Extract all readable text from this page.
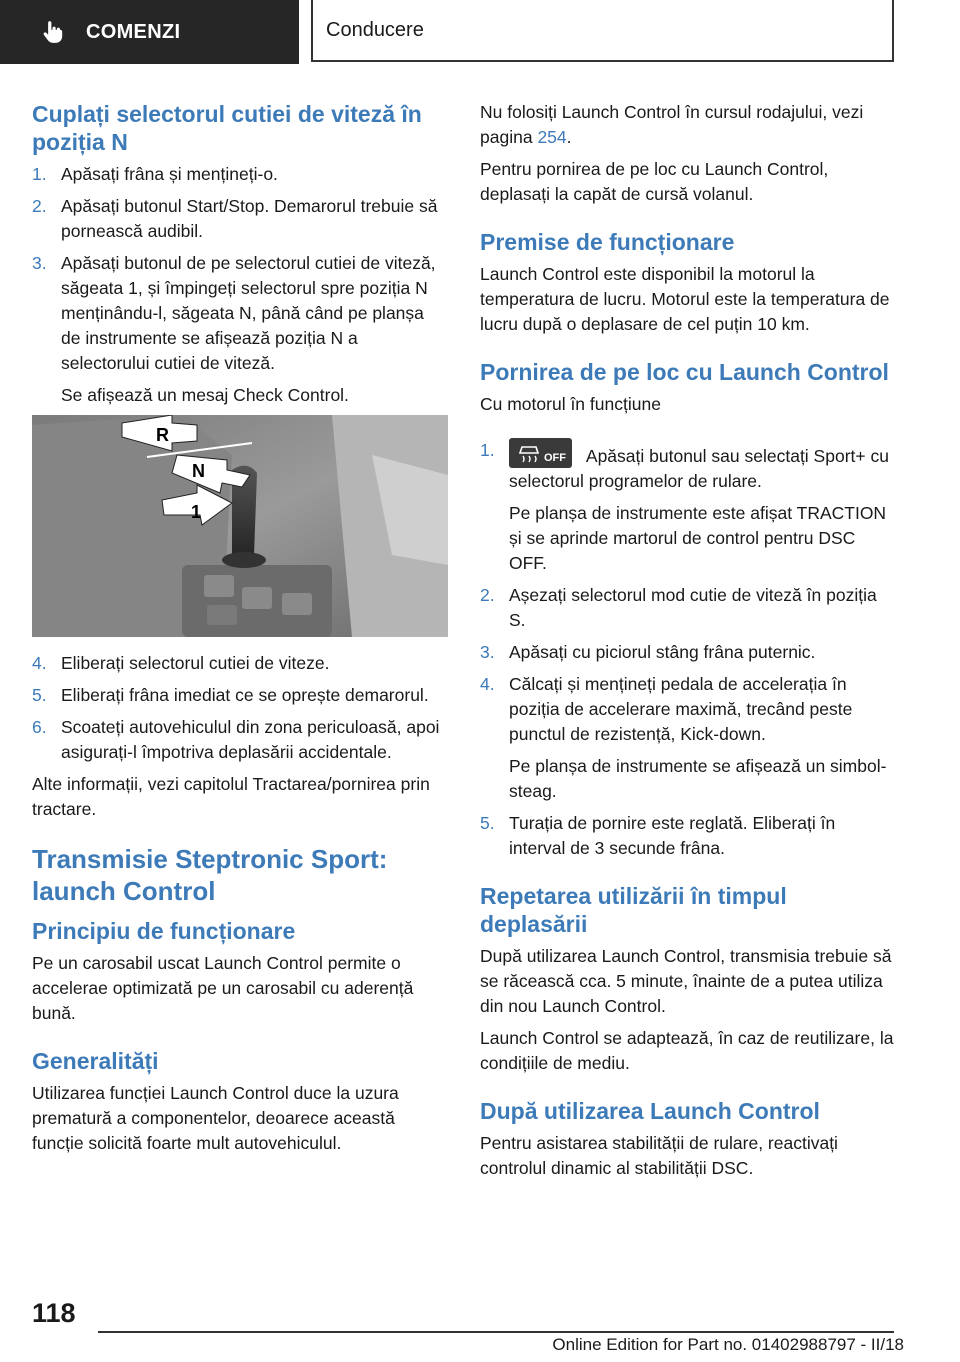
COMENZI	Conducere
Cuplați selectorul cutiei de viteză în poziția N
1. Apăsați frâna și mențineți-o.
2. Apăsați butonul Start/Stop. Demarorul trebuie să pornească audibil.
3. Apăsați butonul de pe selectorul cutiei de viteză, săgeata 1, și împingeți selectorul spre poziția N menținându-l, săgeata N, până când pe planșa de instrumente se afișează poziția N a selectorului cutiei de viteză.

Se afișează un mesaj Check Control.

R
N
1
4. Eliberați selectorul cutiei de viteze.
5. Eliberați frâna imediat ce se oprește demarorul.
6. Scoateți autovehiculul din zona periculoasă, apoi asigurați-l împotriva deplasării accidentale.

Alte informații, vezi capitolul Tractarea/pornirea prin tractare.

Transmisie Steptronic Sport: launch Control
Principiu de funcționare

Pe un carosabil uscat Launch Control permite o accelerae optimizată pe un carosabil cu aderență bună.

Generalități

Utilizarea funcției Launch Control duce la uzura prematură a componentelor, deoarece această funcție solicită foarte mult autovehiculul.

Nu folosiți Launch Control în cursul rodajului, vezi pagina 254.

Pentru pornirea de pe loc cu Launch Control, deplasați la capăt de cursă volanul.

Premise de funcționare

Launch Control este disponibil la motorul la temperatura de lucru. Motorul este la temperatura de lucru după o deplasare de cel puțin 10 km.

Pornirea de pe loc cu Launch Control

Cu motorul în funcțiune

1.	OFF Apăsați butonul sau selectați Sport+ cu selectorul programelor de rulare.

Pe planșa de instrumente este afișat TRACTION și se aprinde martorul de control pentru DSC OFF.

2. Așezați selectorul mod cutie de viteză în poziția S.
3. Apăsați cu piciorul stâng frâna puternic.
4. Călcați și mențineți pedala de accelerația în poziția de accelerare maximă, trecând peste punctul de rezistență, Kick-down.

Pe planșa de instrumente se afișează un simbol-steag.

5. Turația de pornire este reglată. Eliberați în interval de 3 secunde frâna.
Repetarea utilizării în timpul deplasării

După utilizarea Launch Control, transmisia trebuie să se răcească cca. 5 minute, înainte de a putea utiliza din nou Launch Control.

Launch Control se adaptează, în caz de reutilizare, la condițiile de mediu.

După utilizarea Launch Control

Pentru asistarea stabilității de rulare, reactivați controlul dinamic al stabilității DSC.

118
Online Edition for Part no. 01402988797 - II/18
